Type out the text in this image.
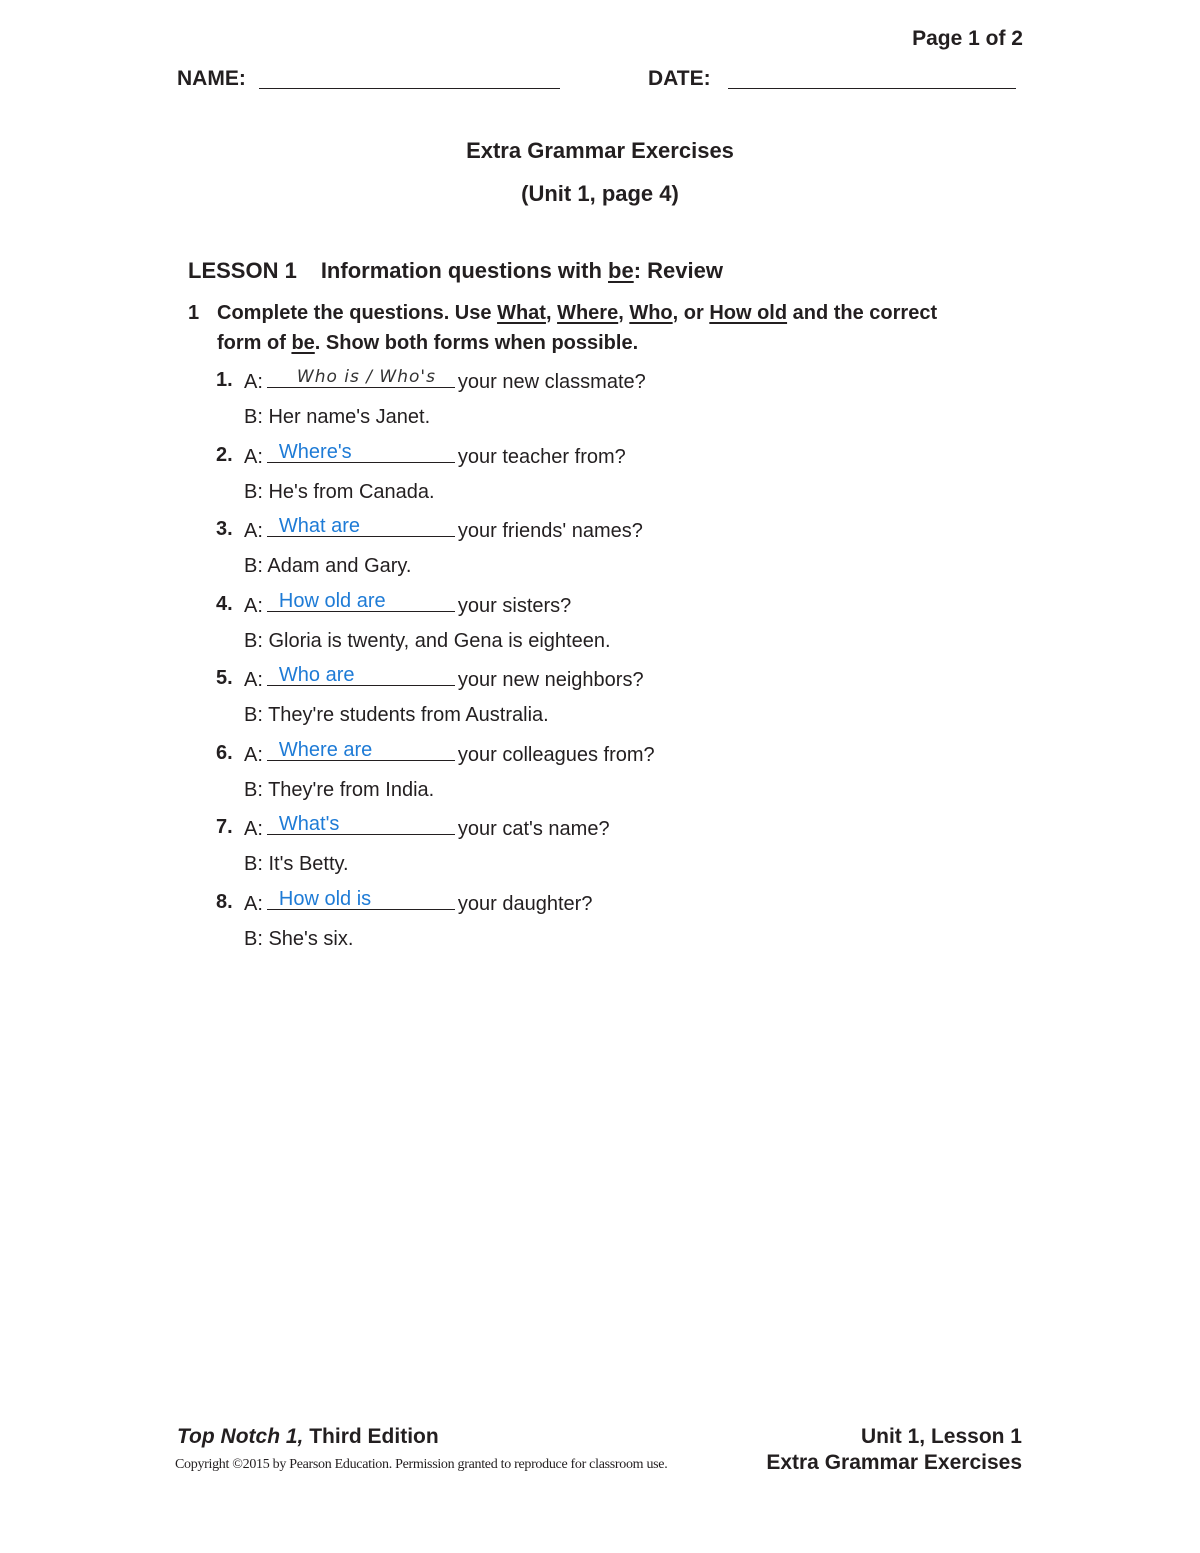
Page 1 of 2
NAME:	DATE:
Extra Grammar Exercises
(Unit 1, page 4)
LESSON 1 Information questions with be: Review
1 Complete the questions. Use What, Where, Who, or How old and the correct
form of be. Show both forms when possible.
1. A: Who is / Who's your new classmate?
B: Her name's Janet.
2. A: Where's	your teacher from?
B: He's from Canada.
3. A: What are	your friends' names?
B: Adam and Gary.
4. A: How old are	your sisters?
B: Gloria is twenty, and Gena is eighteen.
5. A: Who are	your new neighbors?
B: They're students from Australia.
6. A: Where are	your colleagues from?
B: They're from India.
7. A: What's	your cat's name?
B: It's Betty.
8. A: How old is	your daughter?
B: She's six.
Top Notch 1, Third Edition
Copyright ©2015 by Pearson Education. Permission granted to reproduce for classroom use.
Unit 1, Lesson 1
Extra Grammar Exercises
